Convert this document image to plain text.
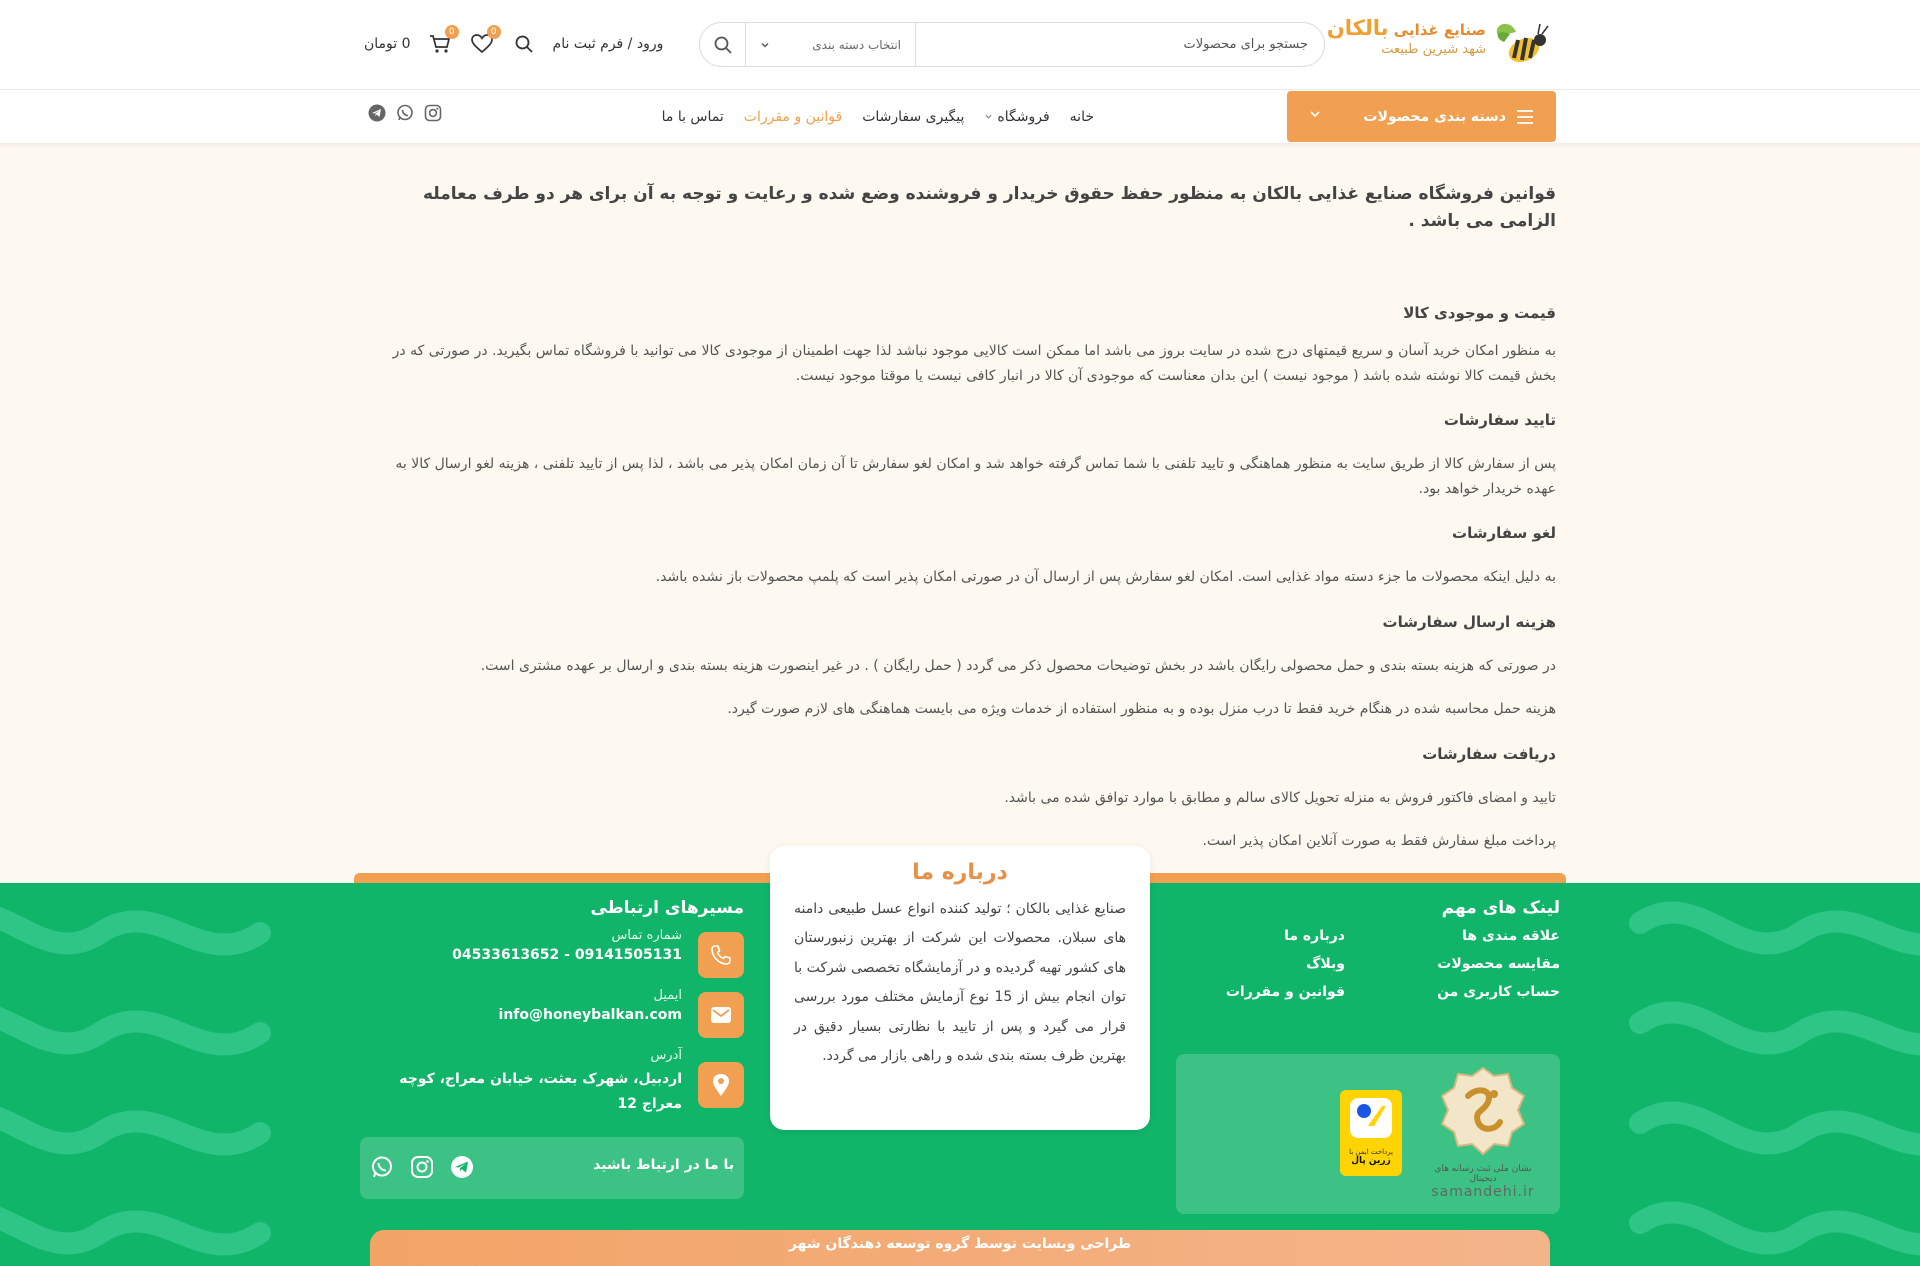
صنایع غذایی بالکان
شهد شیرین طبیعت
جستجو برای محصولات
انتخاب دسته بندی
ورود / فرم ثبت نام
0
0
0 تومان
دسته بندی محصولات
خانه
فروشگاه
پیگیری سفارشات
قوانین و مقررات
تماس با ما
قوانین فروشگاه صنایع غذایی بالکان به منظور حفظ حقوق خریدار و فروشنده وضع شده و رعایت و توجه به آن برای هر دو طرف معامله الزامی می باشد .
قیمت و موجودی کالا

به منظور امکان خرید آسان و سریع قیمتهای درج شده در سایت بروز می باشد اما ممکن است کالایی موجود نباشد لذا جهت اطمینان از موجودی کالا می توانید با فروشگاه تماس بگیرید. در صورتی که در بخش قیمت کالا نوشته شده باشد ( موجود نیست ) این بدان معناست که موجودی آن کالا در انبار کافی نیست یا موقتا موجود نیست.

تایید سفارشات

پس از سفارش کالا از طریق سایت به منظور هماهنگی و تایید تلفنی با شما تماس گرفته خواهد شد و امکان لغو سفارش تا آن زمان امکان پذیر می باشد ، لذا پس از تایید تلفنی ، هزینه لغو ارسال کالا به عهده خریدار خواهد بود.

لغو سفارشات

به دلیل اینکه محصولات ما جزء دسته مواد غذایی است. امکان لغو سفارش پس از ارسال آن در صورتی امکان پذیر است که پلمپ محصولات باز نشده باشد.

هزینه ارسال سفارشات

در صورتی که هزینه بسته بندی و حمل محصولی رایگان باشد در بخش توضیحات محصول ذکر می گردد ( حمل رایگان ) . در غیر اینصورت هزینه بسته بندی و ارسال بر عهده مشتری است.

هزینه حمل محاسبه شده در هنگام خرید فقط تا درب منزل بوده و به منظور استفاده از خدمات ویژه می بایست هماهنگی های لازم صورت گیرد.

دریافت سفارشات

تایید و امضای فاکتور فروش به منزله تحویل کالای سالم و مطابق با موارد توافق شده می باشد.

پرداخت مبلغ سفارش فقط به صورت آنلاین امکان پذیر است.

درباره ما

صنایع غذایی بالکان ؛ تولید کننده انواع عسل طبیعی دامنه های سبلان. محصولات این شرکت از بهترین زنبورستان های کشور تهیه گردیده و در آزمایشگاه تخصصی شرکت با توان انجام بیش از 15 نوع آزمایش مختلف مورد بررسی قرار می گیرد و پس از تایید با نظارتی بسیار دقیق در بهترین ظرف بسته بندی شده و راهی بازار می گردد.

لینک های مهم
علاقه مندی ها
درباره ما
مقایسه محصولات
وبلاگ
حساب کاربری من
قوانین و مقررات
نشان ملی ثبت رسانه های دیجیتال
samandehi.ir
پرداخت ایمن با
زرین پال
مسیرهای ارتباطی
شماره تماس
09141505131 - 04533613652
ایمیل
info@honeybalkan.com
آدرس
اردبیل، شهرک بعثت، خیابان معراج، کوچه معراج 12
با ما در ارتباط باشید
طراحی وبسایت توسط گروه توسعه دهندگان شهر
